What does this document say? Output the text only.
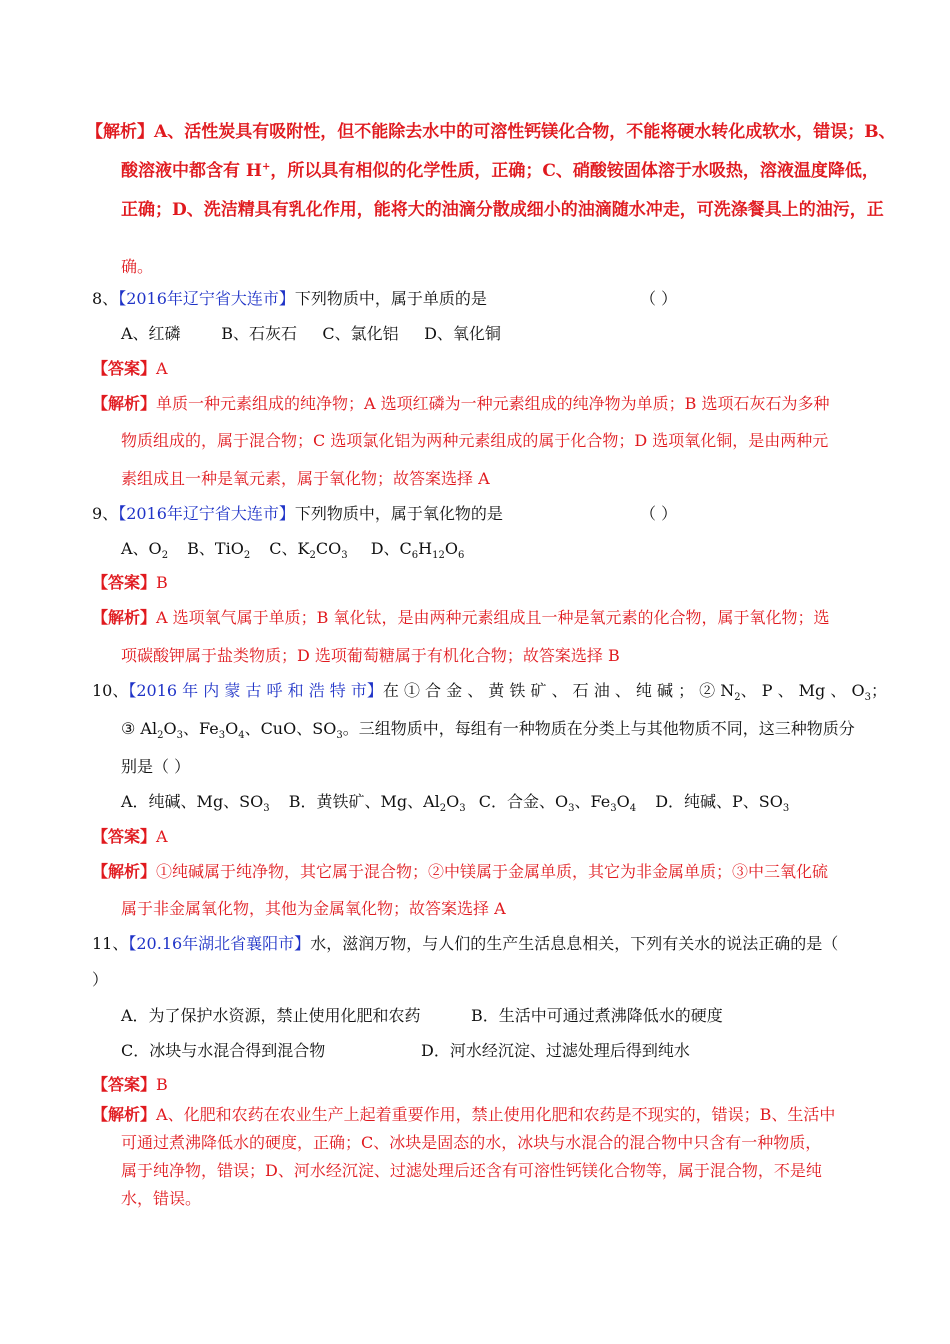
【解析】A、活性炭具有吸附性，但不能除去水中的可溶性钙镁化合物，不能将硬水转化成软水，错误；B、
酸溶液中都含有 H+，所以具有相似的化学性质，正确；C、硝酸铵固体溶于水吸热，溶液温度降低，
正确；D、洗洁精具有乳化作用，能将大的油滴分散成细小的油滴随水冲走，可洗涤餐具上的油污，正
确。
8、【2016年辽宁省大连市】下列物质中，属于单质的是	（ ）
A、红磷        B、石灰石     C、氯化铝     D、氧化铜
【答案】A
【解析】单质一种元素组成的纯净物；A 选项红磷为一种元素组成的纯净物为单质；B 选项石灰石为多种
物质组成的，属于混合物；C 选项氯化铝为两种元素组成的属于化合物；D 选项氧化铜，是由两种元
素组成且一种是氧元素，属于氧化物；故答案选择 A
9、【2016年辽宁省大连市】下列物质中，属于氧化物的是	（ ）
A、$O_2$ B、TiO$_2$ C、$K_2CO_3$ D、$C_6H_{12}O_6$
【答案】B
【解析】A 选项氧气属于单质；B 氧化钛，是由两种元素组成且一种是氧元素的化合物，属于氧化物；选
项碳酸钾属于盐类物质；D 选项葡萄糖属于有机化合物；故答案选择 B
10、【2016 年 内 蒙 古 呼 和 浩 特 市】在 ① 合 金 、 黄 铁 矿 、 石 油 、 纯 碱 ； ② $N_2$、 P 、 Mg 、 $O_3$；
③ $Al_2O_3$、$Fe_3O_4$、CuO、$SO_3$。三组物质中，每组有一种物质在分类上与其他物质不同，这三种物质分
别是（ ）
A．纯碱、Mg、$SO_3$ B．黄铁矿、Mg、$Al_2O_3$ C．合金、$O_3$、$Fe_3O_4$ D．纯碱、P、$SO_3$
【答案】A
【解析】①纯碱属于纯净物，其它属于混合物；②中镁属于金属单质，其它为非金属单质；③中三氧化硫
属于非金属氧化物，其他为金属氧化物；故答案选择 A
11、【20.16年湖北省襄阳市】水，滋润万物，与人们的生产生活息息相关，下列有关水的说法正确的是（
）
A．为了保护水资源，禁止使用化肥和农药	B．生活中可通过煮沸降低水的硬度
C．冰块与水混合得到混合物	D．河水经沉淀、过滤处理后得到纯水
【答案】B
【解析】A、化肥和农药在农业生产上起着重要作用，禁止使用化肥和农药是不现实的，错误；B、生活中
可通过煮沸降低水的硬度，正确；C、冰块是固态的水，冰块与水混合的混合物中只含有一种物质，
属于纯净物，错误；D、河水经沉淀、过滤处理后还含有可溶性钙镁化合物等，属于混合物，不是纯
水，错误。
